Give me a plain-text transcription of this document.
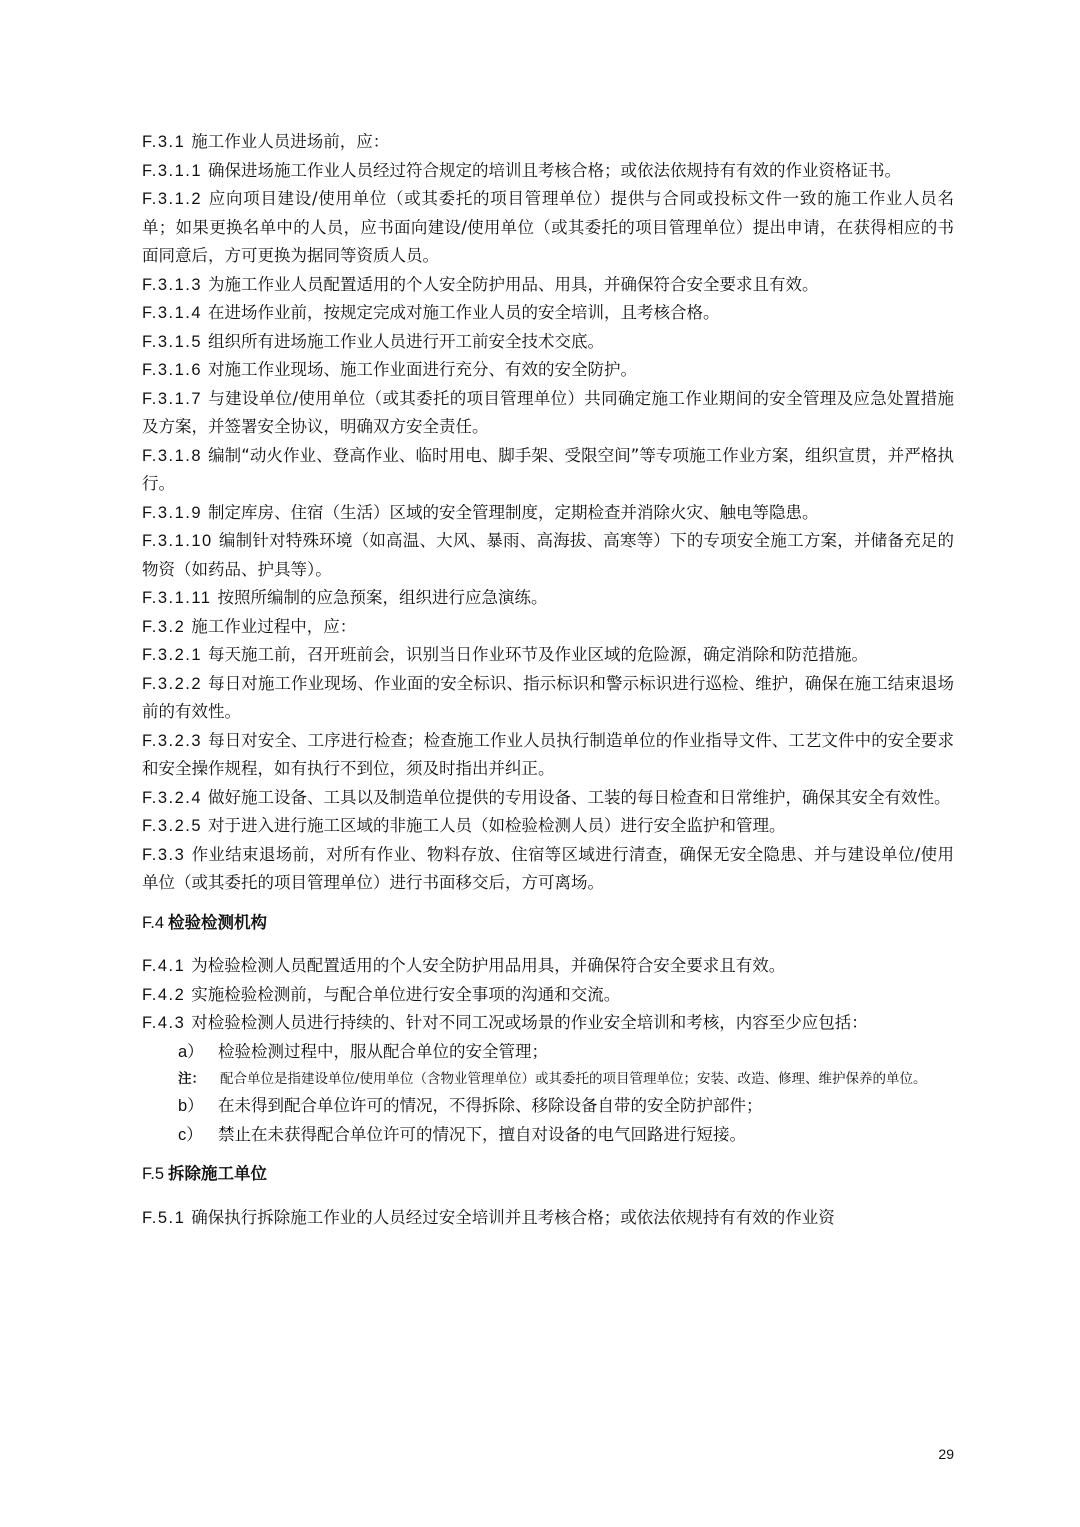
F.3.1 施工作业人员进场前，应：

F.3.1.1 确保进场施工作业人员经过符合规定的培训且考核合格；或依法依规持有有效的作业资格证书。

F.3.1.2 应向项目建设/使用单位（或其委托的项目管理单位）提供与合同或投标文件一致的施工作业人员名单；如果更换名单中的人员，应书面向建设/使用单位（或其委托的项目管理单位）提出申请，在获得相应的书面同意后，方可更换为据同等资质人员。

F.3.1.3 为施工作业人员配置适用的个人安全防护用品、用具，并确保符合安全要求且有效。

F.3.1.4 在进场作业前，按规定完成对施工作业人员的安全培训，且考核合格。

F.3.1.5 组织所有进场施工作业人员进行开工前安全技术交底。

F.3.1.6 对施工作业现场、施工作业面进行充分、有效的安全防护。

F.3.1.7 与建设单位/使用单位（或其委托的项目管理单位）共同确定施工作业期间的安全管理及应急处置措施及方案，并签署安全协议，明确双方安全责任。

F.3.1.8 编制“动火作业、登高作业、临时用电、脚手架、受限空间”等专项施工作业方案，组织宣贯，并严格执行。

F.3.1.9 制定库房、住宿（生活）区域的安全管理制度，定期检查并消除火灾、触电等隐患。

F.3.1.10 编制针对特殊环境（如高温、大风、暴雨、高海拔、高寒等）下的专项安全施工方案，并储备充足的物资（如药品、护具等）。

F.3.1.11 按照所编制的应急预案，组织进行应急演练。

F.3.2 施工作业过程中，应：

F.3.2.1 每天施工前，召开班前会，识别当日作业环节及作业区域的危险源，确定消除和防范措施。

F.3.2.2 每日对施工作业现场、作业面的安全标识、指示标识和警示标识进行巡检、维护，确保在施工结束退场前的有效性。

F.3.2.3 每日对安全、工序进行检查；检查施工作业人员执行制造单位的作业指导文件、工艺文件中的安全要求和安全操作规程，如有执行不到位，须及时指出并纠正。

F.3.2.4 做好施工设备、工具以及制造单位提供的专用设备、工装的每日检查和日常维护，确保其安全有效性。

F.3.2.5 对于进入进行施工区域的非施工人员（如检验检测人员）进行安全监护和管理。

F.3.3 作业结束退场前，对所有作业、物料存放、住宿等区域进行清查，确保无安全隐患、并与建设单位/使用单位（或其委托的项目管理单位）进行书面移交后，方可离场。

F.4 检验检测机构

F.4.1 为检验检测人员配置适用的个人安全防护用品用具，并确保符合安全要求且有效。

F.4.2 实施检验检测前，与配合单位进行安全事项的沟通和交流。

F.4.3 对检验检测人员进行持续的、针对不同工况或场景的作业安全培训和考核，内容至少应包括：

a） 检验检测过程中，服从配合单位的安全管理；

注：	配合单位是指建设单位/使用单位（含物业管理单位）或其委托的项目管理单位；安装、改造、修理、维护保养的单位。

b） 在未得到配合单位许可的情况，不得拆除、移除设备自带的安全防护部件；

c） 禁止在未获得配合单位许可的情况下，擅自对设备的电气回路进行短接。

F.5 拆除施工单位

F.5.1 确保执行拆除施工作业的人员经过安全培训并且考核合格；或依法依规持有有效的作业资

29
